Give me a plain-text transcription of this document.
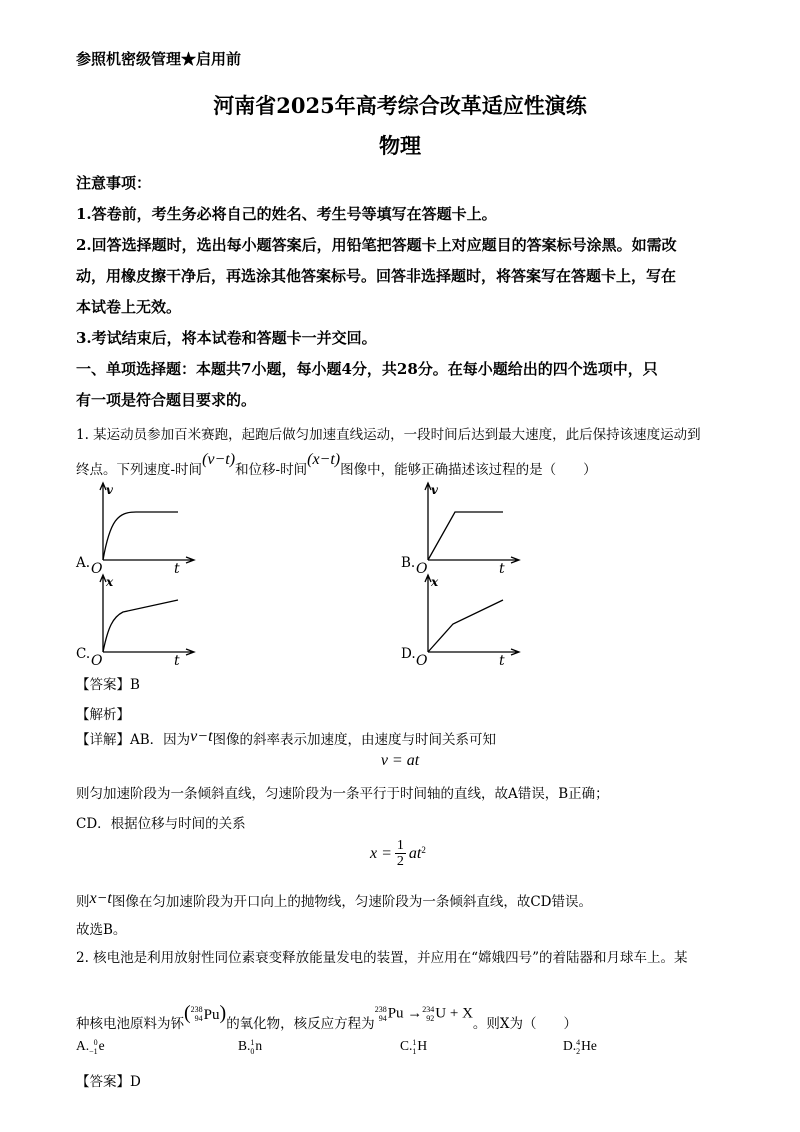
参照机密级管理★启用前
河南省2025年高考综合改革适应性演练
物理
注意事项：
1.答卷前，考生务必将自己的姓名、考生号等填写在答题卡上。
2.回答选择题时，选出每小题答案后，用铅笔把答题卡上对应题目的答案标号涂黑。如需改
动，用橡皮擦干净后，再选涂其他答案标号。回答非选择题时，将答案写在答题卡上，写在
本试卷上无效。
3.考试结束后，将本试卷和答题卡一并交回。
一、单项选择题：本题共7小题，每小题4分，共28分。在每小题给出的四个选项中，只
有一项是符合题目要求的。
1. 某运动员参加百米赛跑，起跑后做匀加速直线运动，一段时间后达到最大速度，此后保持该速度运动到
终点。下列速度-时间(v−t)和位移-时间(x−t)图像中，能够正确描述该过程的是（　　）
A.	B.
C.	D.
v
O	t
v
O	t
x
O	t
x
O	t
【答案】B
【解析】
【详解】AB．因为v−t图像的斜率表示加速度，由速度与时间关系可知
v = at
则匀加速阶段为一条倾斜直线，匀速阶段为一条平行于时间轴的直线，故A错误，B正确；
CD．根据位移与时间的关系
$x = \frac{1}{2} at^2$
则x−t图像在匀加速阶段为开口向上的抛物线，匀速阶段为一条倾斜直线，故CD错误。
故选B。
2. 核电池是利用放射性同位素衰变释放能量发电的装置，并应用在“嫦娥四号”的着陆器和月球车上。某
种核电池原料为钚 ( 238
94 Pu) 的氧化物，核反应方程为
238
94 Pu → 234
92 U + X
。则X为（　　）
A. 0
−1 e	B. 1
0 n	C. 1
1 H	D. 4
2 He
【答案】D
